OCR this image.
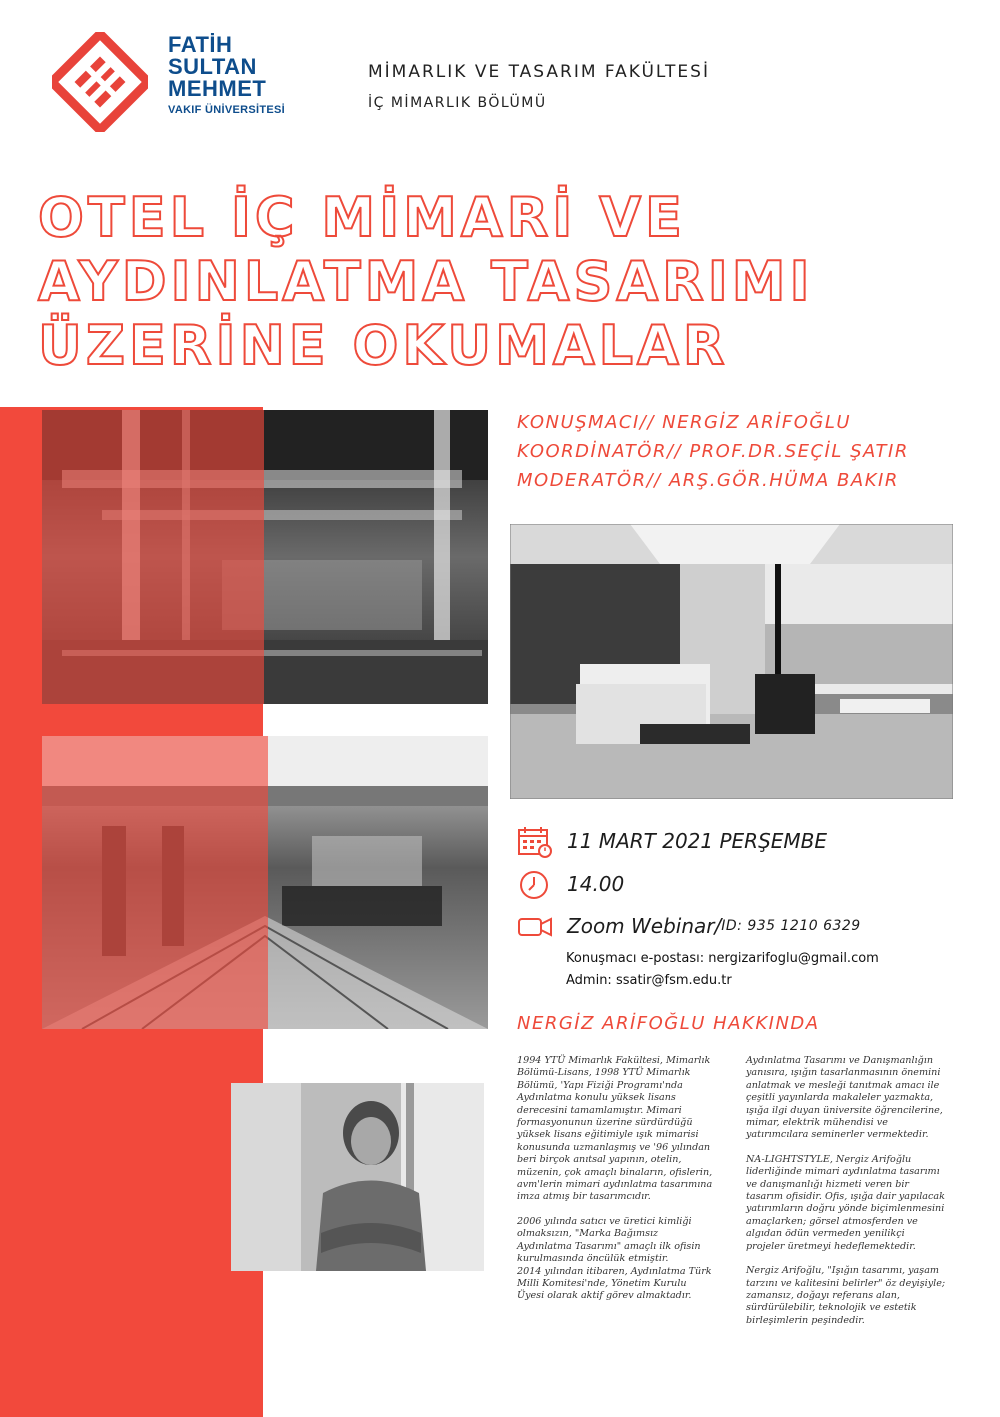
FATİH
SULTAN
MEHMET
VAKIF ÜNİVERSİTESİ
MİMARLIK VE TASARIM FAKÜLTESİ
İÇ MİMARLIK BÖLÜMÜ
OTEL İÇ MİMARİ VE
AYDINLATMA TASARIMI
ÜZERİNE OKUMALAR
KONUŞMACI// NERGİZ ARİFOĞLU
KOORDİNATÖR// PROF.DR.SEÇİL ŞATIR
MODERATÖR// ARŞ.GÖR.HÜMA BAKIR
11 MART 2021 PERŞEMBE
14.00
Zoom Webinar/ ID: 935 1210 6329
Konuşmacı e-postası: nergizarifoglu@gmail.com
Admin: ssatir@fsm.edu.tr
NERGİZ ARİFOĞLU HAKKINDA

1994 YTÜ Mimarlık Fakültesi, Mimarlık Bölümü-Lisans, 1998 YTÜ Mimarlık Bölümü, 'Yapı Fiziği Programı'nda Aydınlatma konulu yüksek lisans derecesini tamamlamıştır. Mimari formasyonunun üzerine sürdürdüğü yüksek lisans eğitimiyle ışık mimarisi konusunda uzmanlaşmış ve '96 yılından beri birçok anıtsal yapının, otelin, müzenin, çok amaçlı binaların, ofislerin, avm'lerin mimari aydınlatma tasarımına imza atmış bir tasarımcıdır.

2006 yılında satıcı ve üretici kimliği olmaksızın, "Marka Bağımsız Aydınlatma Tasarımı" amaçlı ilk ofisin kurulmasında öncülük etmiştir.

2014 yılından itibaren, Aydınlatma Türk Milli Komitesi'nde, Yönetim Kurulu Üyesi olarak aktif görev almaktadır.

Aydınlatma Tasarımı ve Danışmanlığın yanısıra, ışığın tasarlanmasının önemini anlatmak ve mesleği tanıtmak amacı ile çeşitli yayınlarda makaleler yazmakta, ışığa ilgi duyan üniversite öğrencilerine, mimar, elektrik mühendisi ve yatırımcılara seminerler vermektedir.

NA-LIGHTSTYLE, Nergiz Arifoğlu liderliğinde mimari aydınlatma tasarımı ve danışmanlığı hizmeti veren bir tasarım ofisidir. Ofis, ışığa dair yapılacak yatırımların doğru yönde biçimlenmesini amaçlarken; görsel atmosferden ve algıdan ödün vermeden yenilikçi projeler üretmeyi hedeflemektedir.

Nergiz Arifoğlu, "Işığın tasarımı, yaşam tarzını ve kalitesini belirler" öz deyişiyle; zamansız, doğayı referans alan, sürdürülebilir, teknolojik ve estetik birleşimlerin peşindedir.
